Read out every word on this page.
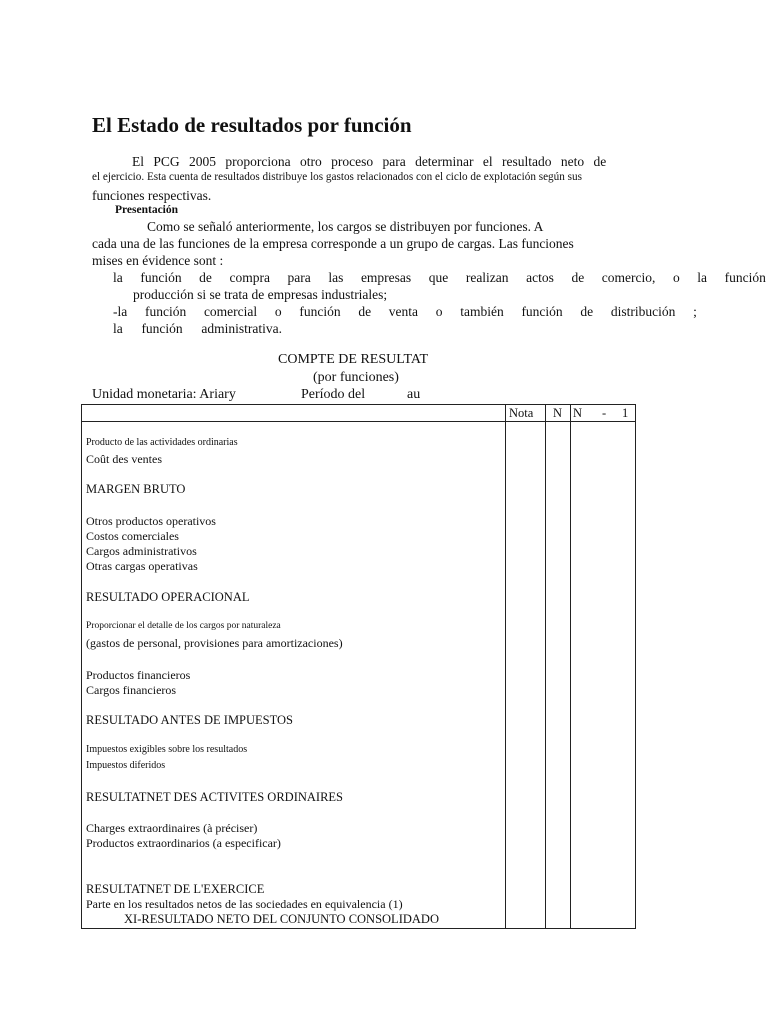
El Estado de resultados por función
El PCG 2005 proporciona otro proceso para determinar el resultado neto de
el ejercicio. Esta cuenta de resultados distribuye los gastos relacionados con el ciclo de explotación según sus
funciones respectivas.
Presentación
Como se señaló anteriormente, los cargos se distribuyen por funciones. A
cada una de las funciones de la empresa corresponde a un grupo de cargas. Las funciones
mises en évidence sont :
la función de compra para las empresas que realizan actos de comercio, o la función
producción si se trata de empresas industriales;
-la función comercial o función de venta o también función de distribución ;
la función administrativa.
COMPTE DE RESULTAT
(por funciones)
Unidad monetaria: Ariary	Período del	au
Nota N N - 1
Producto de las actividades ordinarias
Coût des ventes
MARGEN BRUTO
Otros productos operativos
Costos comerciales
Cargos administrativos
Otras cargas operativas
RESULTADO OPERACIONAL
Proporcionar el detalle de los cargos por naturaleza
(gastos de personal, provisiones para amortizaciones)
Productos financieros
Cargos financieros
RESULTADO ANTES DE IMPUESTOS
Impuestos exigibles sobre los resultados
Impuestos diferidos
RESULTATNET DES ACTIVITES ORDINAIRES
Charges extraordinaires (à préciser)
Productos extraordinarios (a especificar)
RESULTATNET DE L'EXERCICE
Parte en los resultados netos de las sociedades en equivalencia (1)
XI-RESULTADO NETO DEL CONJUNTO CONSOLIDADO
